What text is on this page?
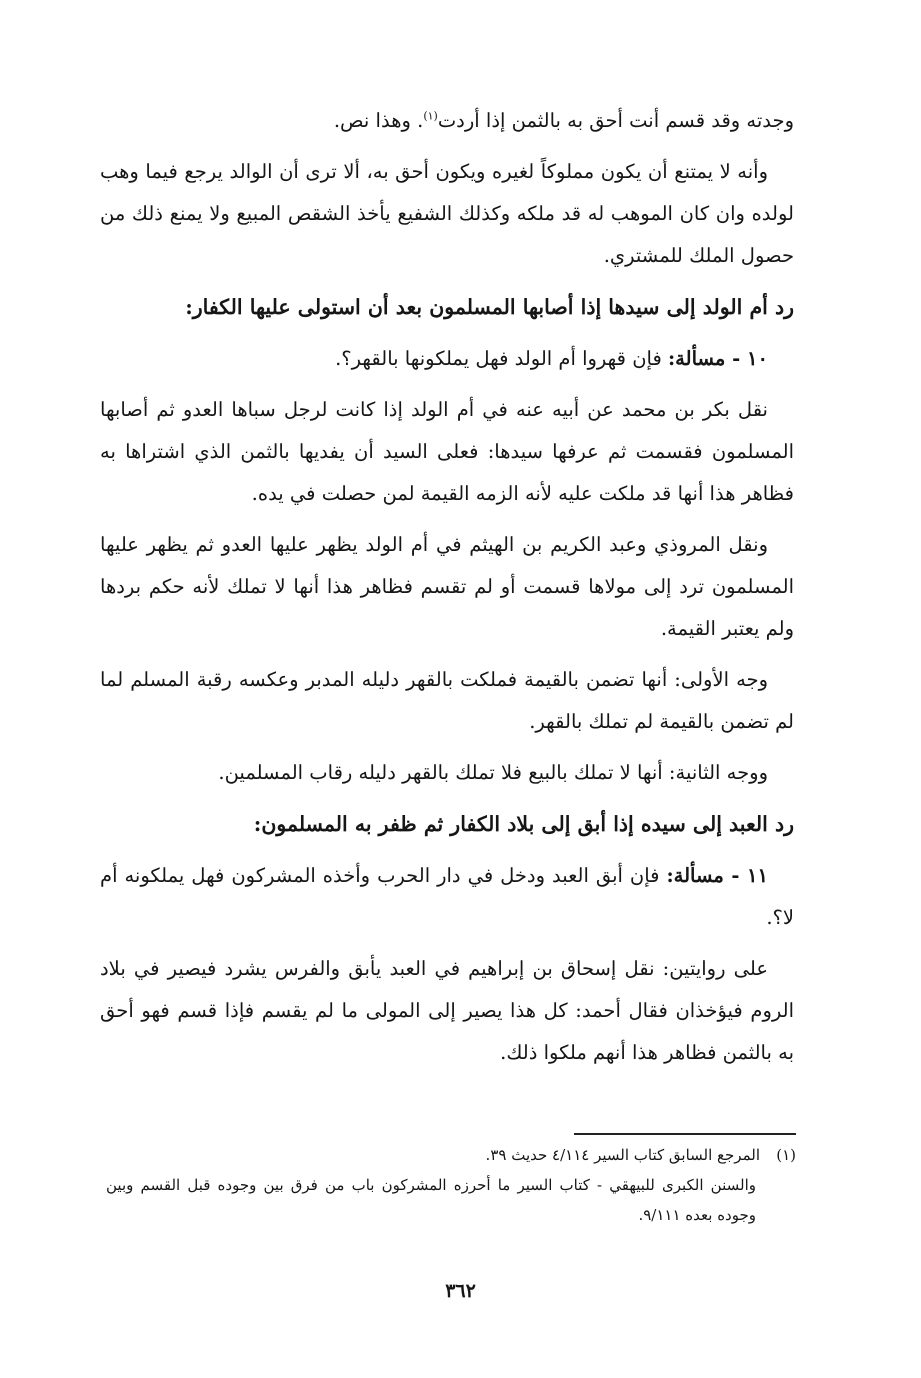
وجدته وقد قسم أنت أحق به بالثمن إذا أردت$^{(١)}$. وهذا نص.

وأنه لا يمتنع أن يكون مملوكاً لغيره ويكون أحق به، ألا ترى أن الوالد يرجع فيما وهب لولده وان كان الموهب له قد ملكه وكذلك الشفيع يأخذ الشقص المبيع ولا يمنع ذلك من حصول الملك للمشتري.

رد أم الولد إلى سيدها إذا أصابها المسلمون بعد أن استولى عليها الكفار:

١٠ - مسألة: فإن قهروا أم الولد فهل يملكونها بالقهر؟.

نقل بكر بن محمد عن أبيه عنه في أم الولد إذا كانت لرجل سباها العدو ثم أصابها المسلمون فقسمت ثم عرفها سيدها: فعلى السيد أن يفديها بالثمن الذي اشتراها به فظاهر هذا أنها قد ملكت عليه لأنه الزمه القيمة لمن حصلت في يده.

ونقل المروذي وعبد الكريم بن الهيثم في أم الولد يظهر عليها العدو ثم يظهر عليها المسلمون ترد إلى مولاها قسمت أو لم تقسم فظاهر هذا أنها لا تملك لأنه حكم بردها ولم يعتبر القيمة.

وجه الأولى: أنها تضمن بالقيمة فملكت بالقهر دليله المدبر وعكسه رقبة المسلم لما لم تضمن بالقيمة لم تملك بالقهر.

ووجه الثانية: أنها لا تملك بالبيع فلا تملك بالقهر دليله رقاب المسلمين.

رد العبد إلى سيده إذا أبق إلى بلاد الكفار ثم ظفر به المسلمون:

١١ - مسألة: فإن أبق العبد ودخل في دار الحرب وأخذه المشركون فهل يملكونه أم لا؟.

على روايتين: نقل إسحاق بن إبراهيم في العبد يأبق والفرس يشرد فيصير في بلاد الروم فيؤخذان فقال أحمد: كل هذا يصير إلى المولى ما لم يقسم فإذا قسم فهو أحق به بالثمن فظاهر هذا أنهم ملكوا ذلك.

(١)المرجع السابق كتاب السير ٤/١١٤ حديث ٣٩.

والسنن الكبرى للبيهقي - كتاب السير ما أحرزه المشركون باب من فرق بين وجوده قبل القسم وبين وجوده بعده ٩/١١١.

٣٦٢
